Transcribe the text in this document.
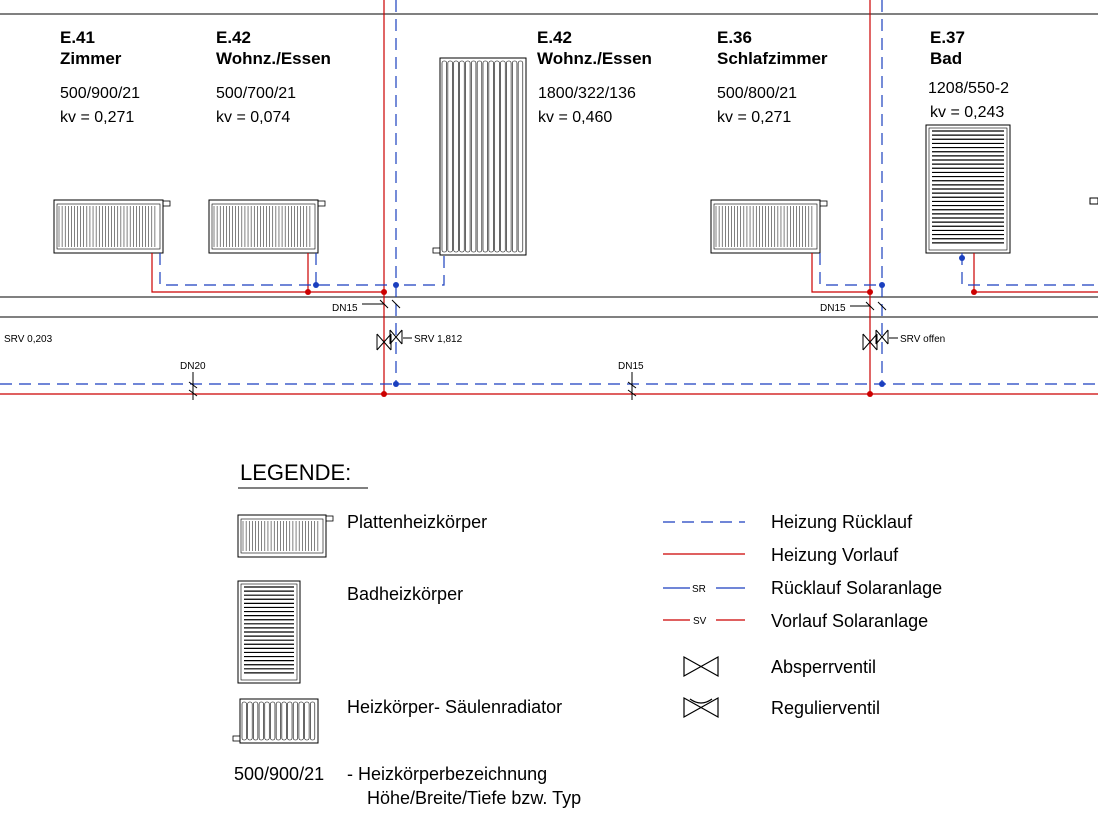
E.41
Zimmer
500/900/21
kv = 0,271
E.42
Wohnz./Essen
500/700/21
kv = 0,074
E.42
Wohnz./Essen
1800/322/136
kv = 0,460
E.36
Schlafzimmer
500/800/21
kv = 0,271
E.37
Bad
1208/550-2
kv = 0,243
DN15	DN15
DN20	DN15
SRV 0,203	SRV 1,812	SRV offen
LEGENDE:
Plattenheizkörper
Badheizkörper
Heizkörper- Säulenradiator
500/900/21 - Heizkörperbezeichnung
Höhe/Breite/Tiefe bzw. Typ
Heizung Rücklauf
Heizung Vorlauf
SR	Rücklauf Solaranlage
SV	Vorlauf Solaranlage
Absperrventil
Regulierventil
